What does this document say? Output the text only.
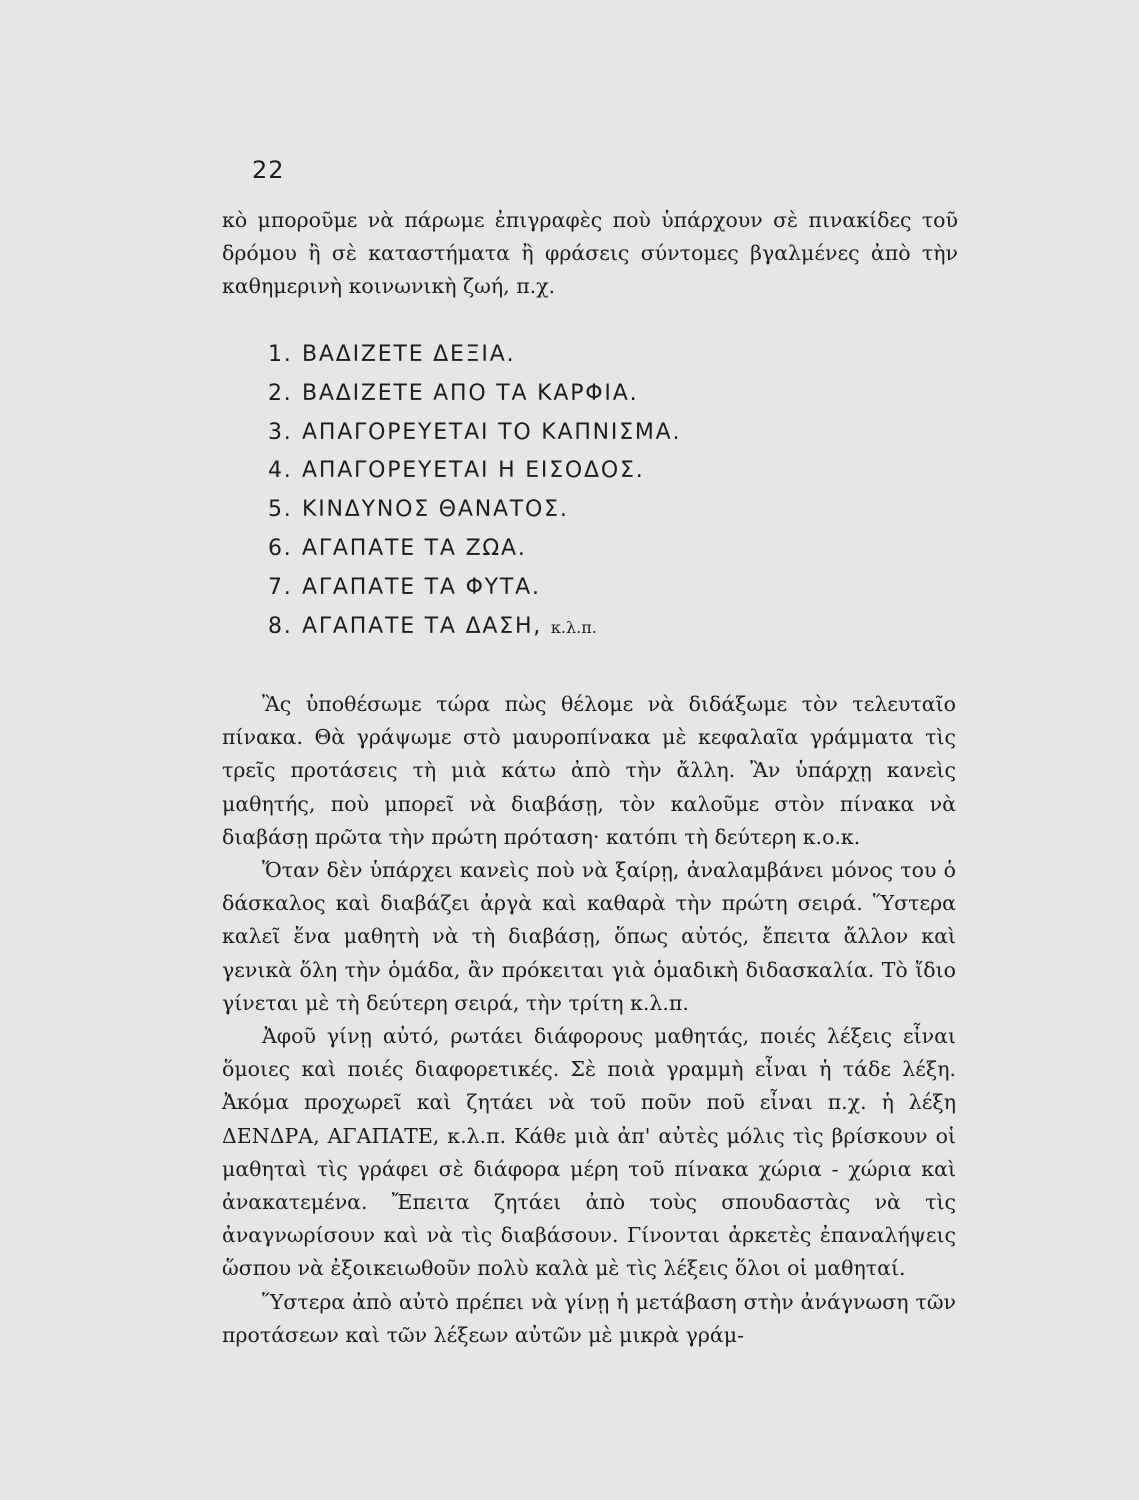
22

κὸ μποροῦμε νὰ πάρωμε ἐπιγραφὲς ποὺ ὑπάρχουν σὲ πινακίδες τοῦ δρόμου ἢ σὲ καταστήματα ἢ φράσεις σύντομες βγαλμένες ἀπὸ τὴν καθημερινὴ κοινωνικὴ ζωή, π.χ.

1. ΒΑΔΙΖΕΤΕ ΔΕΞΙΑ.
2. ΒΑΔΙΖΕΤΕ ΑΠΟ ΤΑ ΚΑΡΦΙΑ.
3. ΑΠΑΓΟΡΕΥΕΤΑΙ ΤΟ ΚΑΠΝΙΣΜΑ.
4. ΑΠΑΓΟΡΕΥΕΤΑΙ Η ΕΙΣΟΔΟΣ.
5. ΚΙΝΔΥΝΟΣ ΘΑΝΑΤΟΣ.
6. ΑΓΑΠΑΤΕ ΤΑ ΖΩΑ.
7. ΑΓΑΠΑΤΕ ΤΑ ΦΥΤΑ.
8. ΑΓΑΠΑΤΕ ΤΑ ΔΑΣΗ, κ.λ.π.

Ἂς ὑποθέσωμε τώρα πὼς θέλομε νὰ διδάξωμε τὸν τελευταῖο πίνακα. Θὰ γράψωμε στὸ μαυροπίνακα μὲ κεφαλαῖα γράμματα τὶς τρεῖς προτάσεις τὴ μιὰ κάτω ἀπὸ τὴν ἄλλη. Ἂν ὑπάρχῃ κανεὶς μαθητής, ποὺ μπορεῖ νὰ διαβάσῃ, τὸν καλοῦμε στὸν πίνακα νὰ διαβάσῃ πρῶτα τὴν πρώτη πρόταση· κατόπι τὴ δεύτερη κ.ο.κ.

Ὅταν δὲν ὑπάρχει κανεὶς ποὺ νὰ ξαίρῃ, ἀναλαμβάνει μόνος του ὁ δάσκαλος καὶ διαβάζει ἀργὰ καὶ καθαρὰ τὴν πρώτη σειρά. Ὕστερα καλεῖ ἕνα μαθητὴ νὰ τὴ διαβάσῃ, ὅπως αὐτός, ἔπειτα ἄλλον καὶ γενικὰ ὅλη τὴν ὁμάδα, ἂν πρόκειται γιὰ ὁμαδικὴ διδασκαλία. Τὸ ἴδιο γίνεται μὲ τὴ δεύτερη σειρά, τὴν τρίτη κ.λ.π.

Ἀφοῦ γίνῃ αὐτό, ρωτάει διάφορους μαθητάς, ποιές λέξεις εἶναι ὅμοιες καὶ ποιές διαφορετικές. Σὲ ποιὰ γραμμὴ εἶναι ἡ τάδε λέξη. Ἀκόμα προχωρεῖ καὶ ζητάει νὰ τοῦ ποῦν ποῦ εἶναι π.χ. ἡ λέξη ΔΕΝΔΡΑ, ΑΓΑΠΑΤΕ, κ.λ.π. Κάθε μιὰ ἀπ' αὐτὲς μόλις τὶς βρίσκουν οἱ μαθηταὶ τὶς γράφει σὲ διάφορα μέρη τοῦ πίνακα χώρια - χώρια καὶ ἀνακατεμένα. Ἔπειτα ζητάει ἀπὸ τοὺς σπουδαστὰς νὰ τὶς ἀναγνωρίσουν καὶ νὰ τὶς διαβάσουν. Γίνονται ἀρκετὲς ἐπαναλήψεις ὥσπου νὰ ἐξοικειωθοῦν πολὺ καλὰ μὲ τὶς λέξεις ὅλοι οἱ μαθηταί.

Ὕστερα ἀπὸ αὐτὸ πρέπει νὰ γίνῃ ἡ μετάβαση στὴν ἀνάγνωση τῶν προτάσεων καὶ τῶν λέξεων αὐτῶν μὲ μικρὰ γράμ-
